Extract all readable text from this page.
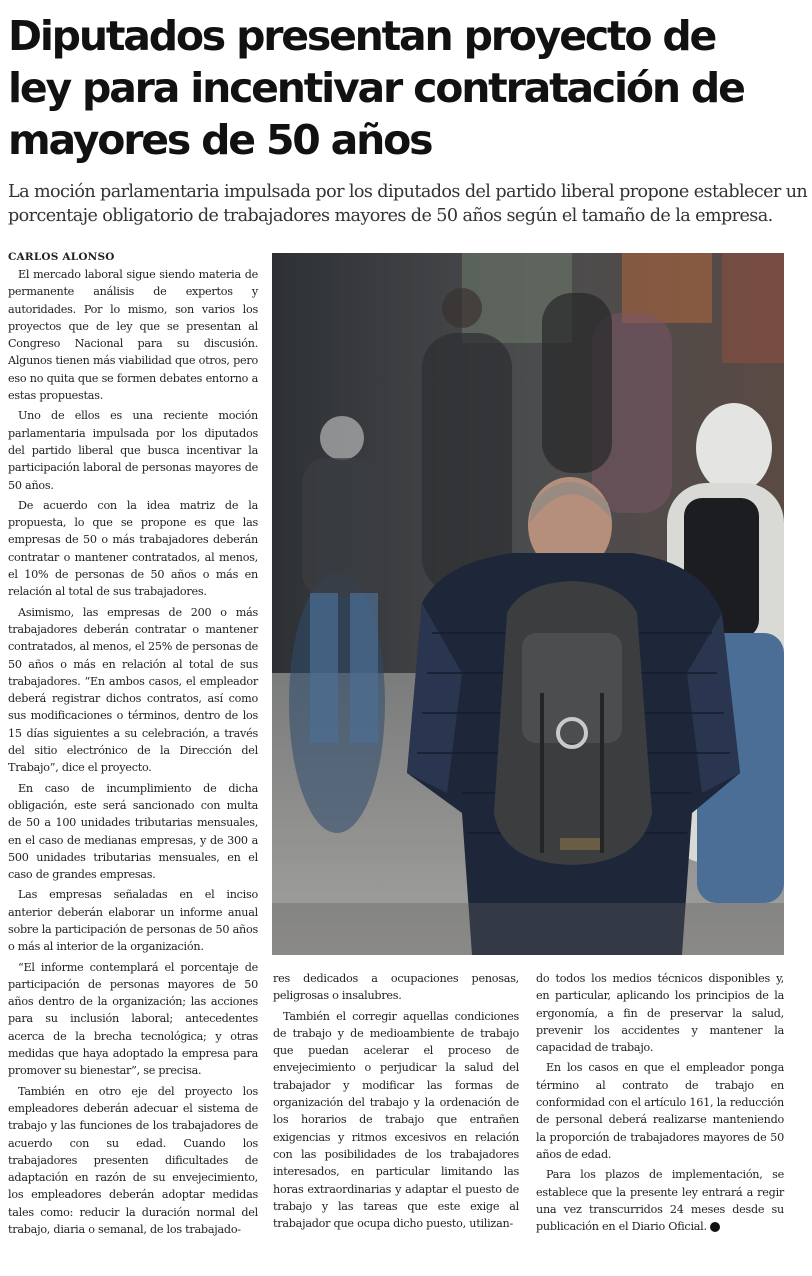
Diputados presentan proyecto de ley para incentivar contratación de mayores de 50 años

La moción parlamentaria impulsada por los diputados del partido liberal propone establecer un porcentaje obligatorio de trabajadores mayores de 50 años según el tamaño de la empresa.

CARLOS ALONSO

El mercado laboral sigue siendo materia de permanente análisis de expertos y autoridades. Por lo mismo, son varios los proyectos que de ley que se presentan al Congreso Nacional para su discusión. Algunos tienen más viabilidad que otros, pero eso no quita que se formen debates entorno a estas propuestas.

Uno de ellos es una reciente moción parlamentaria impulsada por los diputados del partido liberal que busca incentivar la participación laboral de personas mayores de 50 años.

De acuerdo con la idea matriz de la propuesta, lo que se propone es que las empresas de 50 o más trabajadores deberán contratar o mantener contratados, al menos, el 10% de personas de 50 años o más en relación al total de sus trabajadores.

Asimismo, las empresas de 200 o más trabajadores deberán contratar o mantener contratados, al menos, el 25% de personas de 50 años o más en relación al total de sus trabajadores. “En ambos casos, el empleador deberá registrar dichos contratos, así como sus modificaciones o términos, dentro de los 15 días siguientes a su celebración, a través del sitio electrónico de la Dirección del Trabajo”, dice el proyecto.

En caso de incumplimiento de dicha obligación, este será sancionado con multa de 50 a 100 unidades tributarias mensuales, en el caso de medianas empresas, y de 300 a 500 unidades tributarias mensuales, en el caso de grandes empresas.

Las empresas señaladas en el inciso anterior deberán elaborar un informe anual sobre la participación de personas de 50 años o más al interior de la organización.

“El informe contemplará el porcentaje de participación de personas mayores de 50 años dentro de la organización; las acciones para su inclusión laboral; antecedentes acerca de la brecha tecnológica; y otras medidas que haya adoptado la empresa para promover su bienestar”, se precisa.

También en otro eje del proyecto los empleadores deberán adecuar el sistema de trabajo y las funciones de los trabajadores de acuerdo con su edad. Cuando los trabajadores presenten dificultades de adaptación en razón de su envejecimiento, los empleadores deberán adoptar medidas tales como: reducir la duración normal del trabajo, diaria o semanal, de los trabajado-

res dedicados a ocupaciones penosas, peligrosas o insalubres.

También el corregir aquellas condiciones de trabajo y de medioambiente de trabajo que puedan acelerar el proceso de envejecimiento o perjudicar la salud del trabajador y modificar las formas de organización del trabajo y la ordenación de los horarios de trabajo que entrañen exigencias y ritmos excesivos en relación con las posibilidades de los trabajadores interesados, en particular limitando las horas extraordinarias y adaptar el puesto de trabajo y las tareas que este exige al trabajador que ocupa dicho puesto, utilizan-

do todos los medios técnicos disponibles y, en particular, aplicando los principios de la ergonomía, a fin de preservar la salud, prevenir los accidentes y mantener la capacidad de trabajo.

En los casos en que el empleador ponga término al contrato de trabajo en conformidad con el artículo 161, la reducción de personal deberá realizarse manteniendo la proporción de trabajadores mayores de 50 años de edad.

Para los plazos de implementación, se establece que la presente ley entrará a regir una vez transcurridos 24 meses desde su publicación en el Diario Oficial. P
